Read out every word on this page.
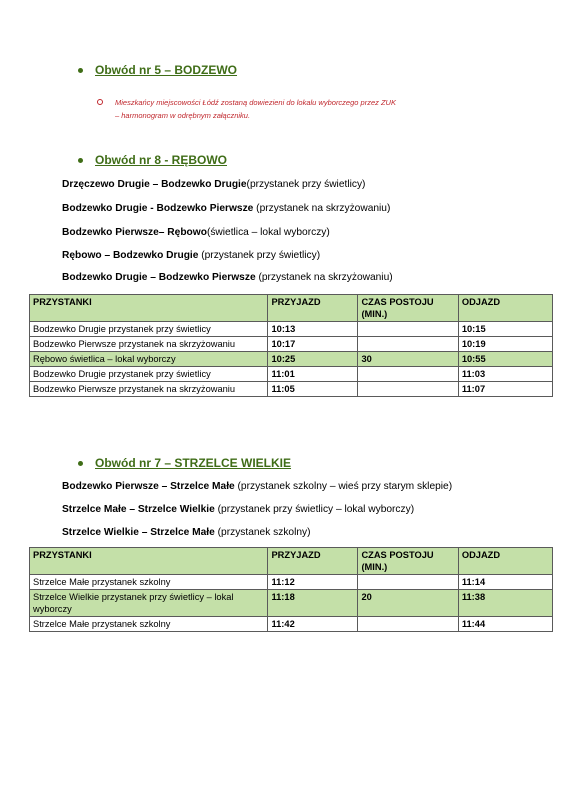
Obwód nr 5 – BODZEWO
Mieszkańcy miejscowości Łódź zostaną dowiezieni do lokalu wyborczego przez ZUK
– harmonogram w odrębnym załączniku.
Obwód nr 8 - RĘBOWO
Drzęczewo Drugie – Bodzewko Drugie(przystanek przy świetlicy)
Bodzewko Drugie - Bodzewko Pierwsze (przystanek na skrzyżowaniu)
Bodzewko Pierwsze– Rębowo(świetlica – lokal wyborczy)
Rębowo – Bodzewko Drugie (przystanek przy świetlicy)
Bodzewko Drugie – Bodzewko Pierwsze (przystanek na skrzyżowaniu)
PRZYSTANKI	PRZYJAZD	CZAS POSTOJU (MIN.)	ODJAZD
Bodzewko Drugie przystanek przy świetlicy	10:13		10:15
Bodzewko Pierwsze przystanek na skrzyżowaniu	10:17		10:19
Rębowo świetlica – lokal wyborczy	10:25	30	10:55
Bodzewko Drugie przystanek przy świetlicy	11:01		11:03
Bodzewko Pierwsze przystanek na skrzyżowaniu	11:05		11:07
Obwód nr 7 – STRZELCE WIELKIE
Bodzewko Pierwsze – Strzelce Małe (przystanek szkolny – wieś przy starym sklepie)
Strzelce Małe – Strzelce Wielkie (przystanek przy świetlicy – lokal wyborczy)
Strzelce Wielkie – Strzelce Małe (przystanek szkolny)
PRZYSTANKI	PRZYJAZD	CZAS POSTOJU (MIN.)	ODJAZD
Strzelce Małe przystanek szkolny	11:12		11:14
Strzelce Wielkie przystanek przy świetlicy – lokal wyborczy	11:18	20	11:38
Strzelce Małe przystanek szkolny	11:42		11:44
